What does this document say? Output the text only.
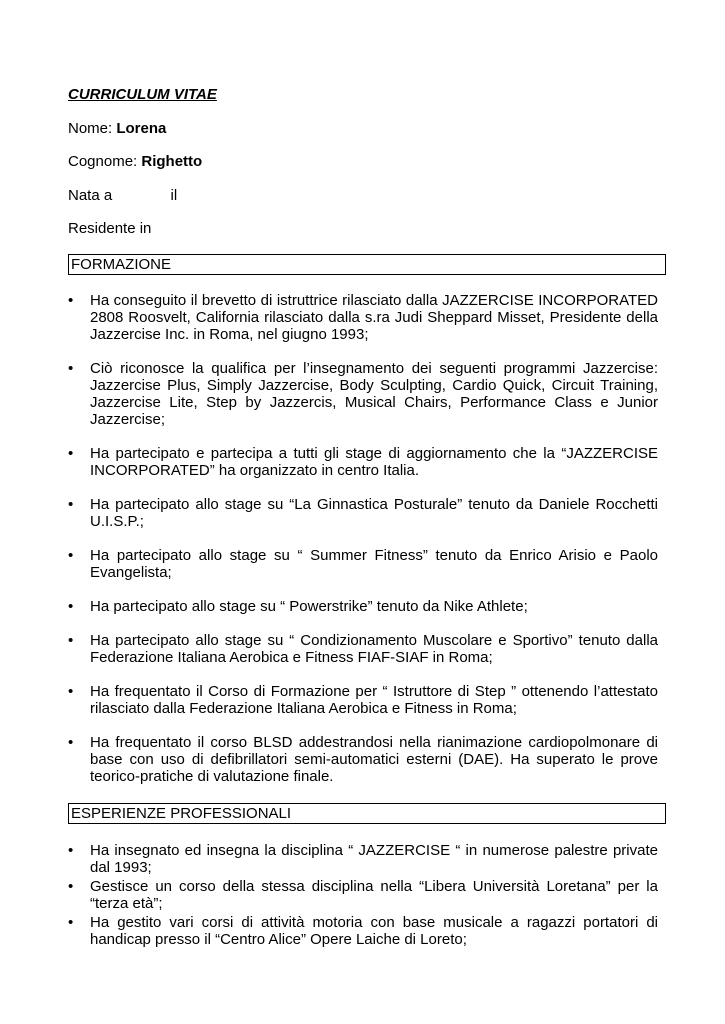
CURRICULUM VITAE
Nome: Lorena
Cognome: Righetto
Nata a	il
Residente in
FORMAZIONE
• Ha conseguito il brevetto di istruttrice rilasciato dalla JAZZERCISE INCORPORATED 2808 Roosvelt, California rilasciato dalla s.ra Judi Sheppard Misset, Presidente della Jazzercise Inc. in Roma, nel giugno 1993;
• Ciò riconosce la qualifica per l’insegnamento dei seguenti programmi Jazzercise: Jazzercise Plus, Simply Jazzercise, Body Sculpting, Cardio Quick, Circuit Training, Jazzercise Lite, Step by Jazzercis, Musical Chairs, Performance Class e Junior Jazzercise;
• Ha partecipato e partecipa a tutti gli stage di aggiornamento che la “JAZZERCISE INCORPORATED” ha organizzato in centro Italia.
• Ha partecipato allo stage su “La Ginnastica Posturale” tenuto da Daniele Rocchetti U.I.S.P.;
• Ha partecipato allo stage su “ Summer Fitness” tenuto da Enrico Arisio e Paolo Evangelista;
• Ha partecipato allo stage su “ Powerstrike” tenuto da Nike Athlete;
• Ha partecipato allo stage su “ Condizionamento Muscolare e Sportivo” tenuto dalla Federazione Italiana Aerobica e Fitness FIAF-SIAF in Roma;
• Ha frequentato il Corso di Formazione per “ Istruttore di Step ” ottenendo l’attestato rilasciato dalla Federazione Italiana Aerobica e Fitness in Roma;
• Ha frequentato il corso BLSD addestrandosi nella rianimazione cardiopolmonare di base con uso di defibrillatori semi-automatici esterni (DAE). Ha superato le prove teorico-pratiche di valutazione finale.
ESPERIENZE PROFESSIONALI
• Ha insegnato ed insegna la disciplina “ JAZZERCISE “ in numerose palestre private dal 1993;
• Gestisce un corso della stessa disciplina nella “Libera Università Loretana” per la “terza età”;
• Ha gestito vari corsi di attività motoria con base musicale a ragazzi portatori di handicap presso il “Centro Alice” Opere Laiche di Loreto;
